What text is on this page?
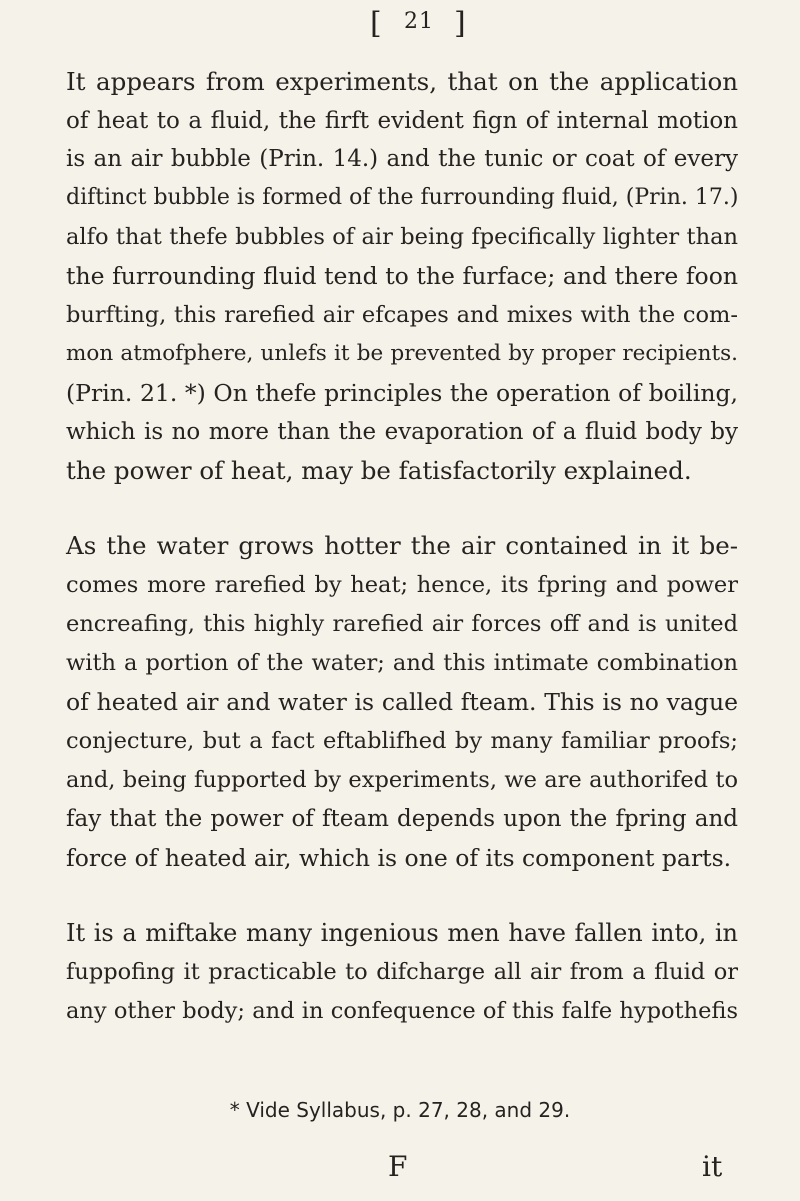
[ 21 ]
It appears from experiments, that on the application
of heat to a fluid, the firft evident fign of internal motion
is an air bubble (Prin. 14.) and the tunic or coat of every
diftinct bubble is formed of the furrounding fluid, (Prin. 17.)
alfo that thefe bubbles of air being fpecifically lighter than
the furrounding fluid tend to the furface; and there foon
burfting, this rarefied air efcapes and mixes with the com-
mon atmofphere, unlefs it be prevented by proper recipients.
(Prin. 21. *) On thefe principles the operation of boiling,
which is no more than the evaporation of a fluid body by
the power of heat, may be fatisfactorily explained.
As the water grows hotter the air contained in it be-
comes more rarefied by heat; hence, its fpring and power
encreafing, this highly rarefied air forces off and is united
with a portion of the water; and this intimate combination
of heated air and water is called fteam. This is no vague
conjecture, but a fact eftablifhed by many familiar proofs;
and, being fupported by experiments, we are authorifed to
fay that the power of fteam depends upon the fpring and
force of heated air, which is one of its component parts.
It is a miftake many ingenious men have fallen into, in
fuppofing it practicable to difcharge all air from a fluid or
any other body; and in confequence of this falfe hypothefis
* Vide Syllabus, p. 27, 28, and 29.
F	it
